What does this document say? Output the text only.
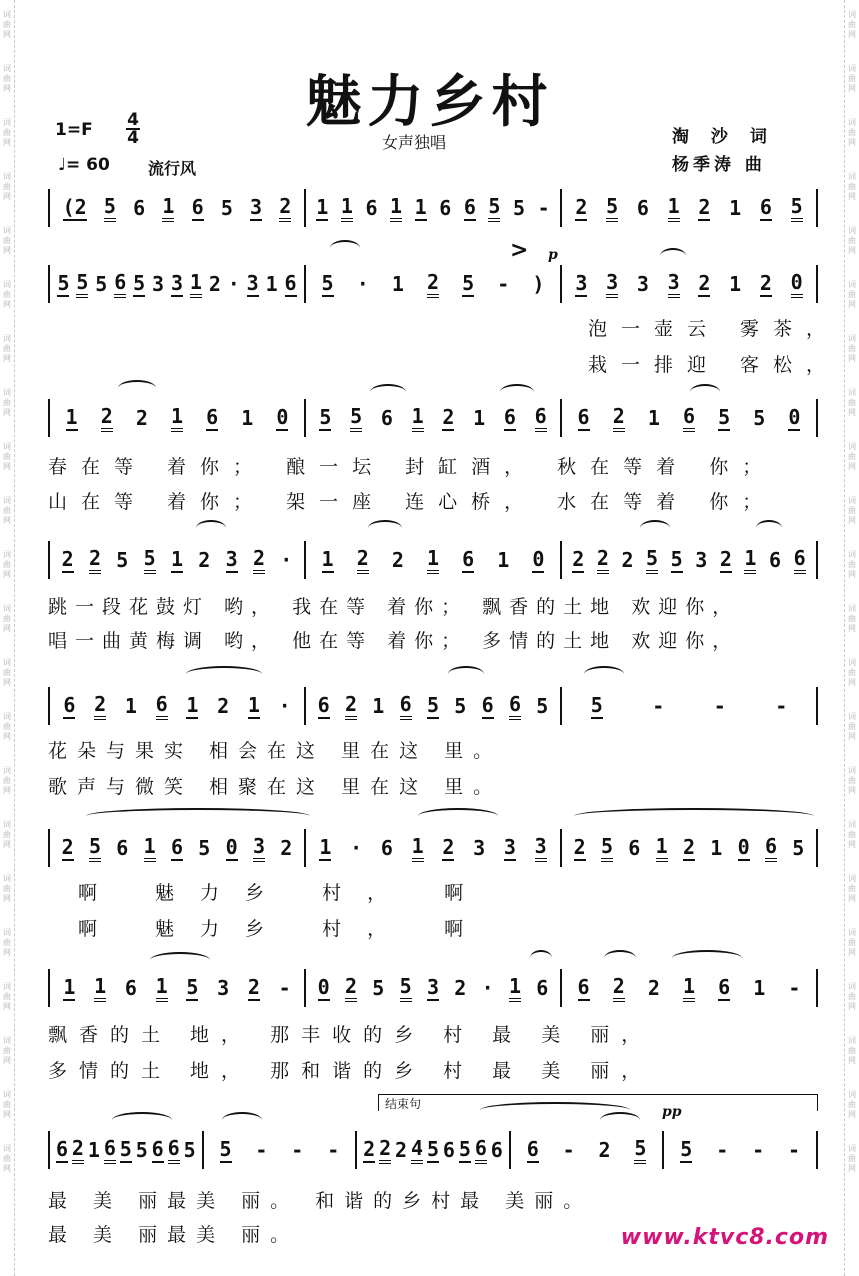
词
曲
网
词
曲
网
词
曲
网
词
曲
网
词
曲
网
词
曲
网
词
曲
网
词
曲
网
词
曲
网
词
曲
网
词
曲
网
词
曲
网
词
曲
网
词
曲
网
词
曲
网
词
曲
网
词
曲
网
词
曲
网
词
曲
网
词
曲
网
词
曲
网
词
曲
网
词
曲
网
词
曲
网
词
曲
网
词
曲
网
词
曲
网
词
曲
网
词
曲
网
词
曲
网
词
曲
网
词
曲
网
词
曲
网
词
曲
网
词
曲
网
词
曲
网
词
曲
网
词
曲
网
词
曲
网
词
曲
网
词
曲
网
词
曲
网
词
曲
网
词
曲
网
魅力乡村
1=F 4
4	女声独唱	淘 沙 词
杨季涛 曲
♩= 60 流行风
(2 5 6 1 6 5 3 2 1 1 6 1 1 6 6 5 5 - 2 5 6 1 2 1 6 5
5 5 5 6 5 3 3 1 2 · 3 1 6 5 · 1 2 5 - ) 3 3 3 3 2 1 2 0
1 2 2 1 6 1 0 5 5 6 1 2 1 6 6 6 2 1 6 5 5 0
2 2 5 5 1 2 3 2 · 1 2 2 1 6 1 0 2 2 2 5 5 3 2 1 6 6
6 2 1 6 1 2 1 · 6 2 1 6 5 5 6 6 5 5 - - -
2 5 6 1 6 5 0 3 2 1 · 6 1 2 3 3 3 2 5 6 1 2 1 0 6 5
1 1 6 1 5 3 2 - 0 2 5 5 3 2 · 1 6 6 2 2 1 6 1 -
6 2 1 6 5 5 6 6 5 5 - - - 2 2 2 4 5 6 5 6 6 6 - 2 5 5 - - -
泡一壶云 雾茶，
栽一排迎 客松，
春在等 着你； 酿一坛 封缸酒， 秋在等着 你；
山在等 着你； 架一座 连心桥， 水在等着 你；
跳一段花鼓灯 哟， 我在等 着你； 飘香的土地 欢迎你，
唱一曲黄梅调 哟， 他在等 着你； 多情的土地 欢迎你，
花朵与果实 相会在这 里在这 里。
歌声与微笑 相聚在这 里在这 里。
啊 魅力乡 村， 啊
啊 魅力乡 村， 啊
飘香的土 地， 那丰收的乡 村 最 美 丽，
多情的土 地， 那和谐的乡 村 最 美 丽，
最 美 丽最美 丽。 和谐的乡村最 美丽。
最 美 丽最美 丽。
p
pp
>
结束句
www.ktvc8.com
